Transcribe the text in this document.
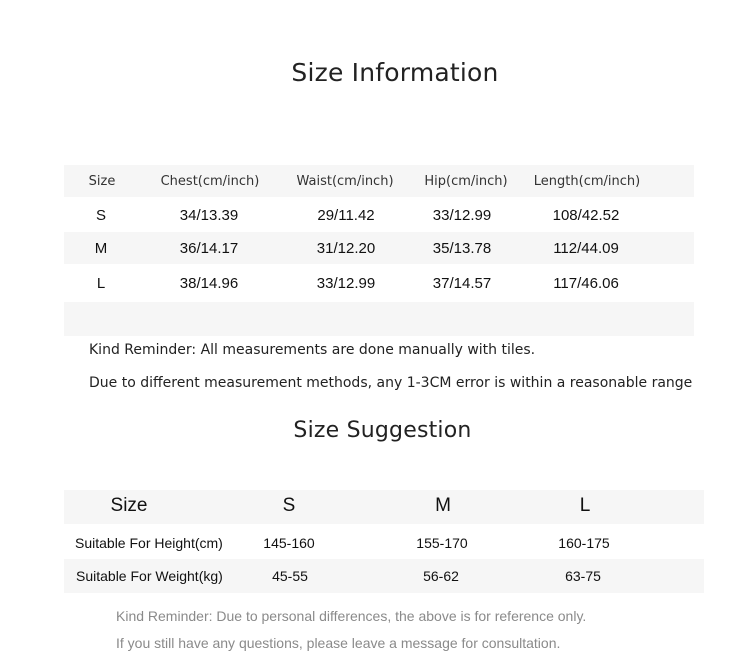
Size Information
Size	Chest(cm/inch)	Waist(cm/inch)	Hip(cm/inch)	Length(cm/inch)
S	34/13.39	29/11.42	33/12.99	108/42.52
M	36/14.17	31/12.20	35/13.78	112/44.09
L	38/14.96	33/12.99	37/14.57	117/46.06
Kind Reminder: All measurements are done manually with tiles.
Due to different measurement methods, any 1-3CM error is within a reasonable range
Size Suggestion
Size	S	M	L
Suitable For Height(cm)	145-160	155-170	160-175
Suitable For Weight(kg)	45-55	56-62	63-75
Kind Reminder: Due to personal differences, the above is for reference only.
If you still have any questions, please leave a message for consultation.
